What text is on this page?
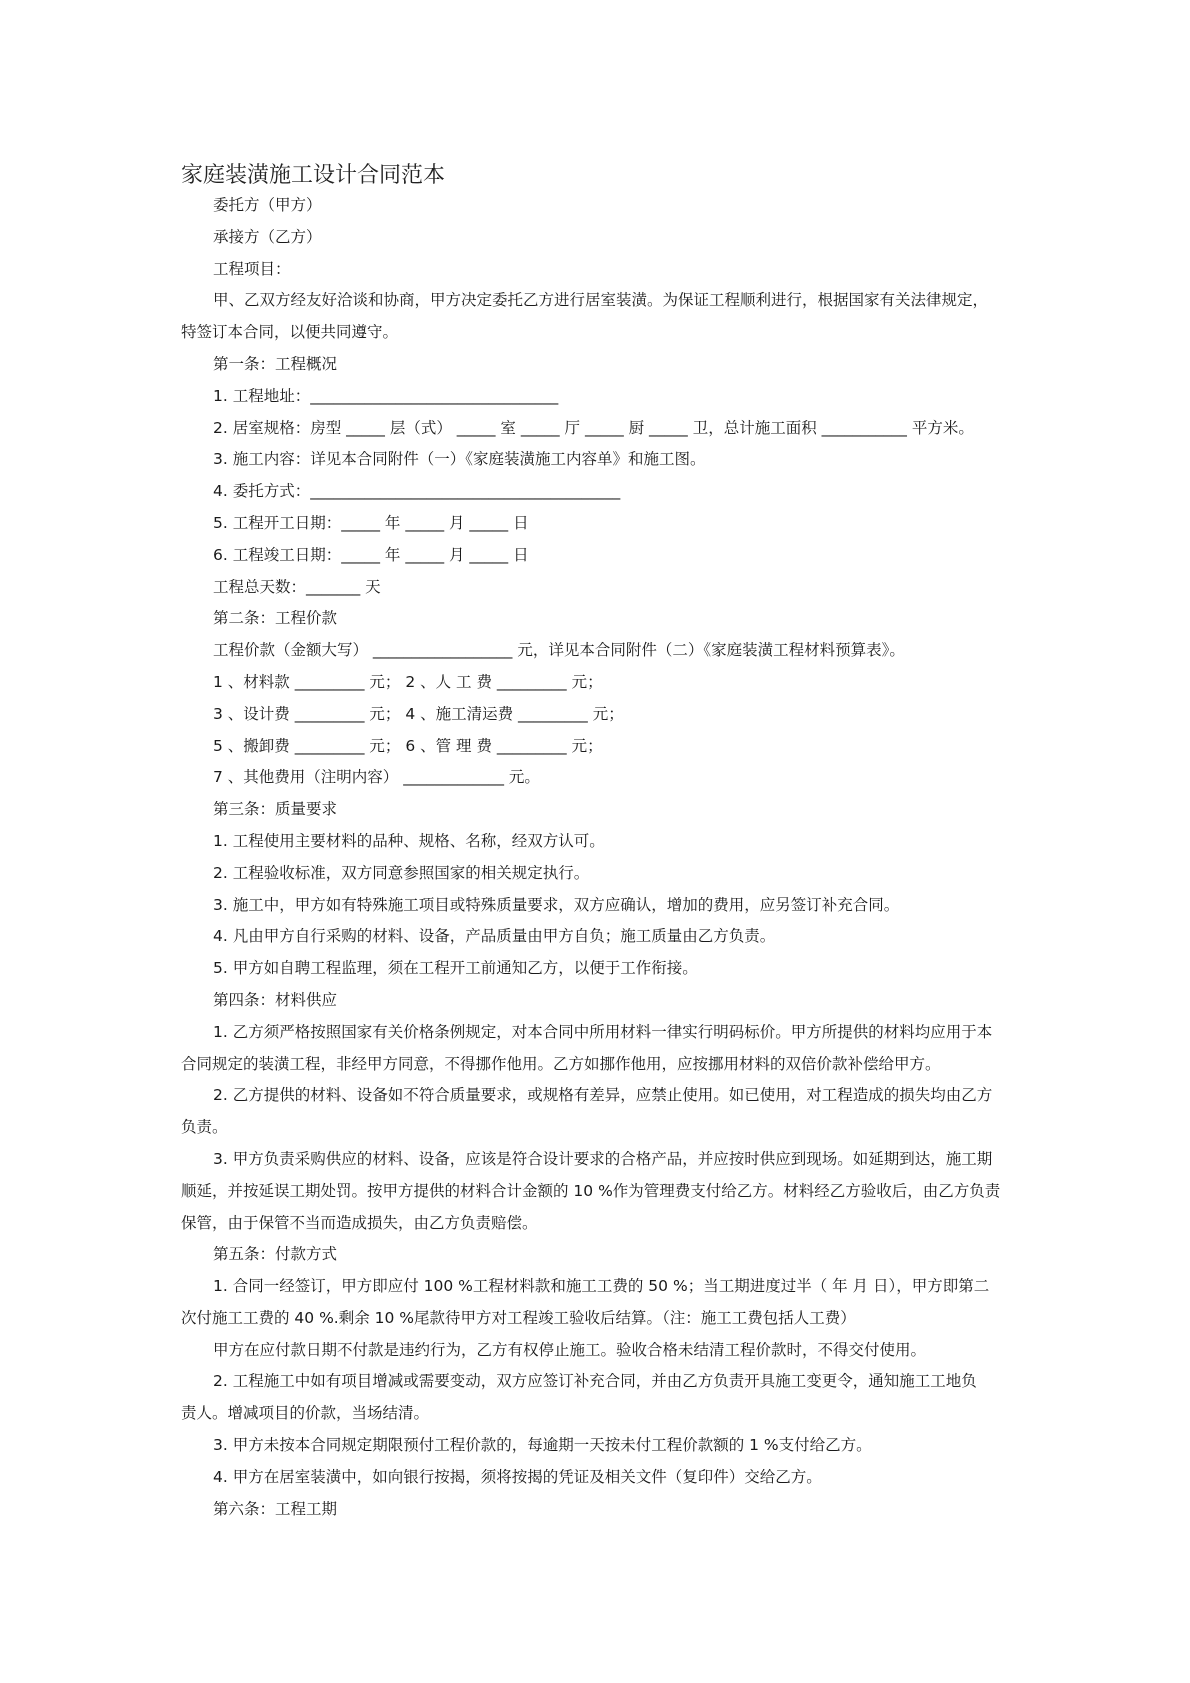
家庭装潢施工设计合同范本
委托方（甲方）
承接方（乙方）
工程项目：
甲、乙双方经友好洽谈和协商，甲方决定委托乙方进行居室装潢。为保证工程顺利进行，根据国家有关法律规定，
特签订本合同，以便共同遵守。
第一条：工程概况
1. 工程地址：________________________________
2. 居室规格：房型 _____ 层（式） _____ 室 _____ 厅 _____ 厨 _____ 卫，总计施工面积 ___________ 平方米。
3. 施工内容：详见本合同附件（一）《家庭装潢施工内容单》和施工图。
4. 委托方式：________________________________________
5. 工程开工日期：_____ 年 _____ 月 _____ 日
6. 工程竣工日期：_____ 年 _____ 月 _____ 日
工程总天数：_______ 天
第二条：工程价款
工程价款（金额大写） __________________ 元，详见本合同附件（二）《家庭装潢工程材料预算表》。
1 、材料款 _________ 元； 2 、人 工 费 _________ 元；
3 、设计费 _________ 元； 4 、施工清运费 _________ 元；
5 、搬卸费 _________ 元； 6 、管 理 费 _________ 元；
7 、其他费用（注明内容） _____________ 元。
第三条：质量要求
1. 工程使用主要材料的品种、规格、名称，经双方认可。
2. 工程验收标准，双方同意参照国家的相关规定执行。
3. 施工中，甲方如有特殊施工项目或特殊质量要求，双方应确认，增加的费用，应另签订补充合同。
4. 凡由甲方自行采购的材料、设备，产品质量由甲方自负；施工质量由乙方负责。
5. 甲方如自聘工程监理，须在工程开工前通知乙方，以便于工作衔接。
第四条：材料供应
1. 乙方须严格按照国家有关价格条例规定，对本合同中所用材料一律实行明码标价。甲方所提供的材料均应用于本
合同规定的装潢工程，非经甲方同意，不得挪作他用。乙方如挪作他用，应按挪用材料的双倍价款补偿给甲方。
2. 乙方提供的材料、设备如不符合质量要求，或规格有差异，应禁止使用。如已使用，对工程造成的损失均由乙方
负责。
3. 甲方负责采购供应的材料、设备，应该是符合设计要求的合格产品，并应按时供应到现场。如延期到达，施工期
顺延，并按延误工期处罚。按甲方提供的材料合计金额的 10 %作为管理费支付给乙方。材料经乙方验收后，由乙方负责
保管，由于保管不当而造成损失，由乙方负责赔偿。
第五条：付款方式
1. 合同一经签订，甲方即应付 100 %工程材料款和施工工费的 50 %；当工期进度过半（ 年 月 日），甲方即第二
次付施工工费的 40 %.剩余 10 %尾款待甲方对工程竣工验收后结算。（注：施工工费包括人工费）
甲方在应付款日期不付款是违约行为，乙方有权停止施工。验收合格未结清工程价款时，不得交付使用。
2. 工程施工中如有项目增减或需要变动，双方应签订补充合同，并由乙方负责开具施工变更令，通知施工工地负
责人。增减项目的价款，当场结清。
3. 甲方未按本合同规定期限预付工程价款的，每逾期一天按未付工程价款额的 1 %支付给乙方。
4. 甲方在居室装潢中，如向银行按揭，须将按揭的凭证及相关文件（复印件）交给乙方。
第六条：工程工期
